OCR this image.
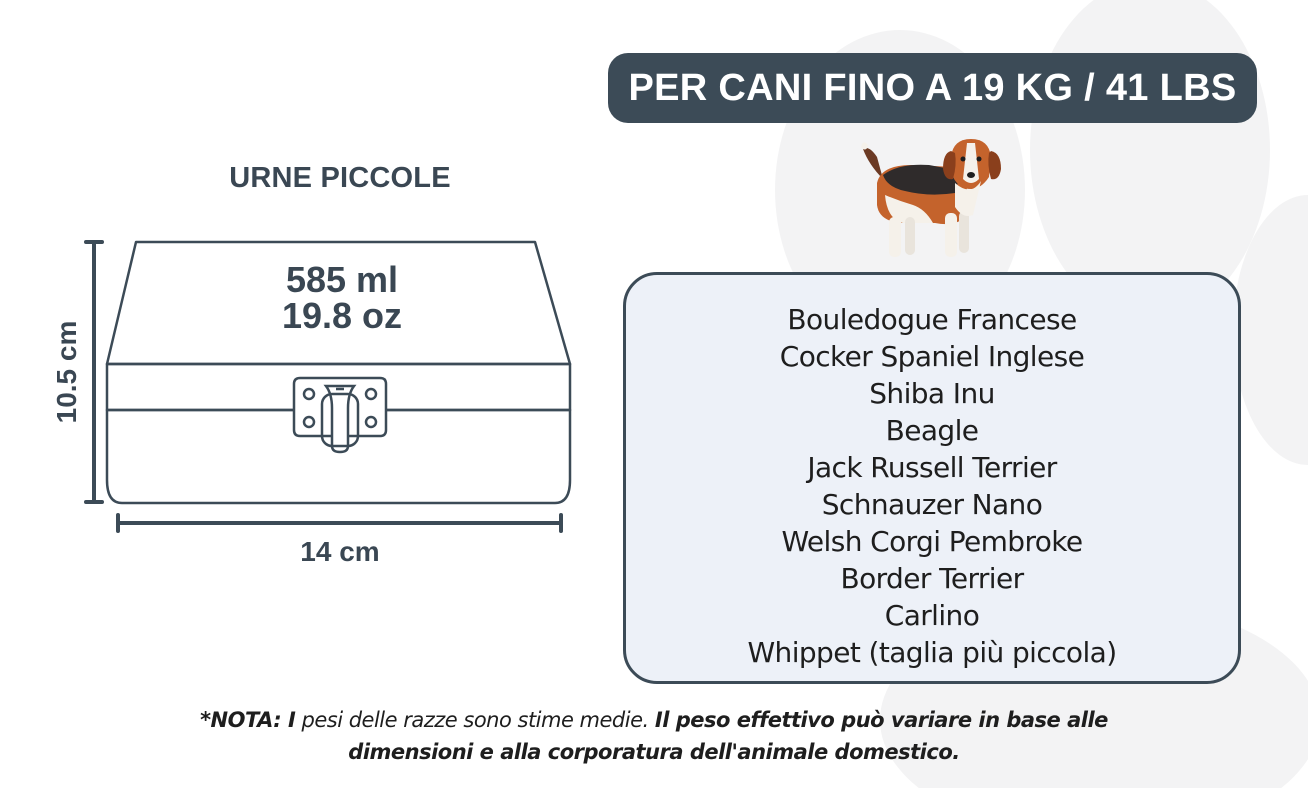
URNE PICCOLE
585 ml
19.8 oz
10.5 cm
14 cm
PER CANI FINO A 19 KG / 41 LBS
Bouledogue Francese
Cocker Spaniel Inglese
Shiba Inu
Beagle
Jack Russell Terrier
Schnauzer Nano
Welsh Corgi Pembroke
Border Terrier
Carlino
Whippet (taglia più piccola)
*NOTA: I pesi delle razze sono stime medie. Il peso effettivo può variare in base alle dimensioni e alla corporatura dell'animale domestico.
